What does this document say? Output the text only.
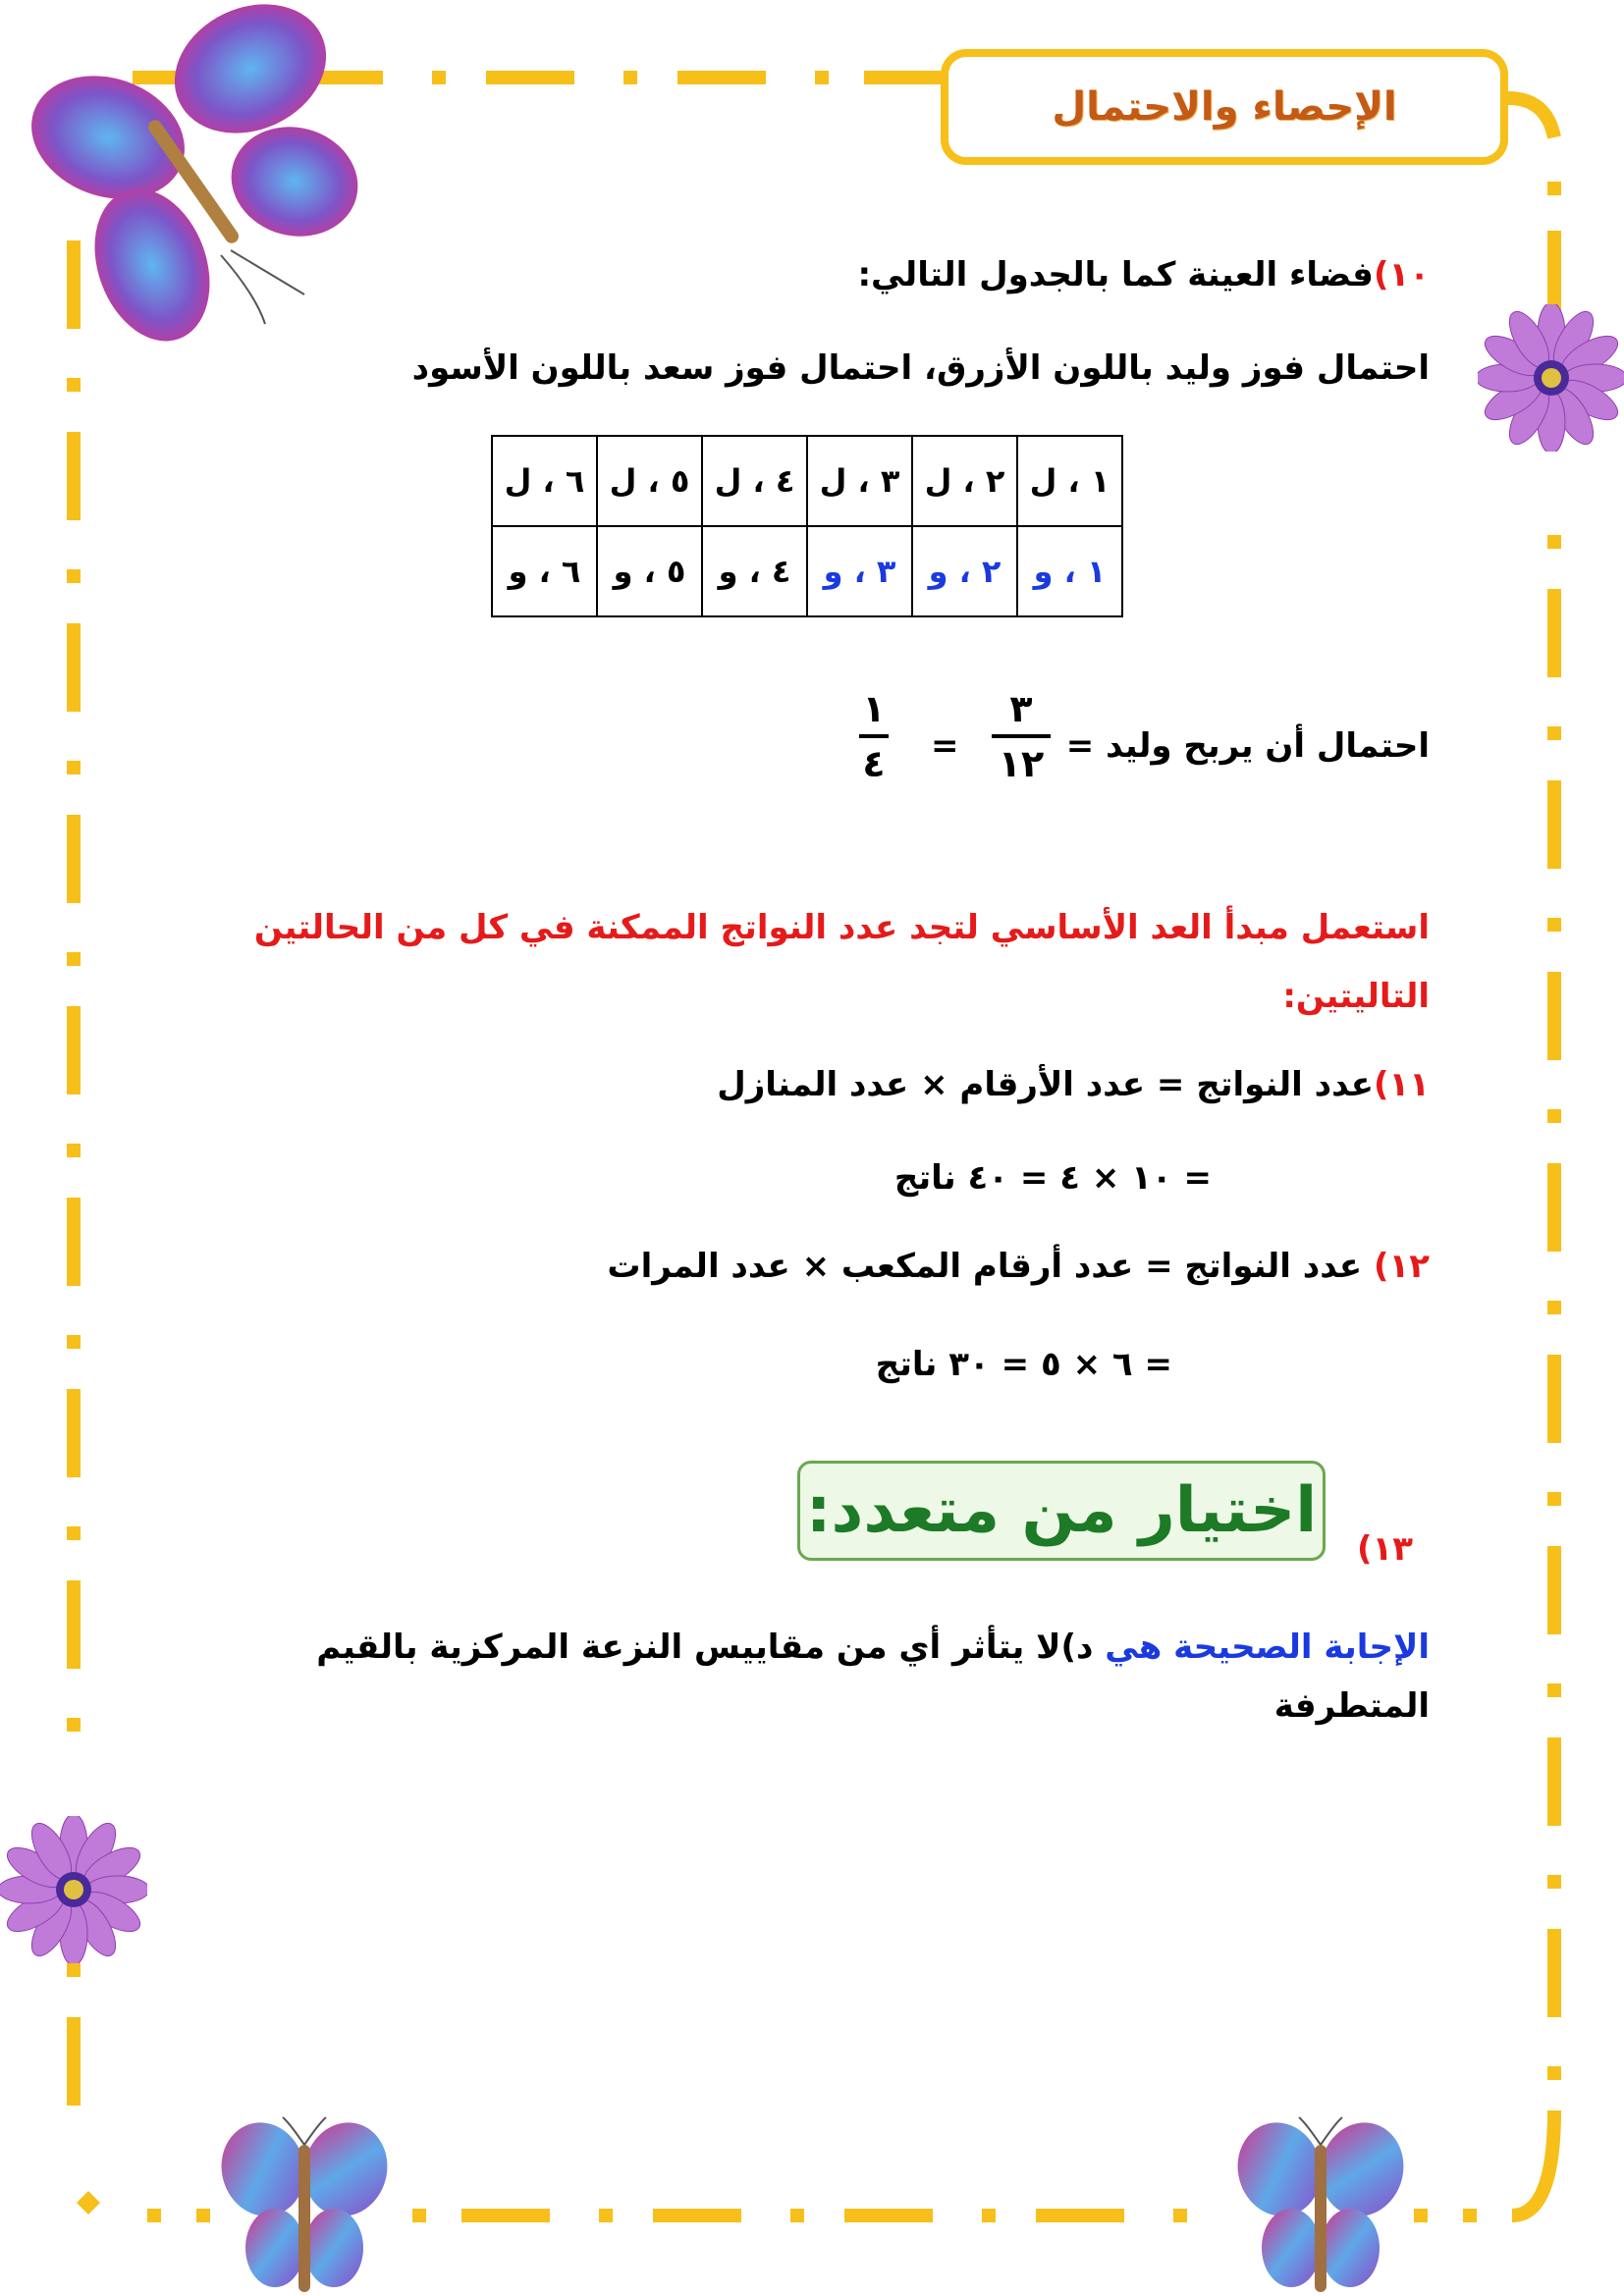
الإحصاء والاحتمال
١٠)فضاء العينة كما بالجدول التالي:
احتمال فوز وليد باللون الأزرق، احتمال فوز سعد باللون الأسود
١ ، ل	٢ ، ل	٣ ، ل	٤ ، ل	٥ ، ل	٦ ، ل
١ ، و	٢ ، و	٣ ، و	٤ ، و	٥ ، و	٦ ، و
احتمال أن يربح وليد =
٣
١٢
=
١
٤
استعمل مبدأ العد الأساسي لتجد عدد النواتج الممكنة في كل من الحالتين
التاليتين:
١١)عدد النواتج = عدد الأرقام × عدد المنازل
= ١٠ × ٤ = ٤٠ ناتج
١٢) عدد النواتج = عدد أرقام المكعب × عدد المرات
= ٦ × ٥ = ٣٠ ناتج
١٣)
اختيار من متعدد:
الإجابة الصحيحة هي د)لا يتأثر أي من مقاييس النزعة المركزية بالقيم
المتطرفة
